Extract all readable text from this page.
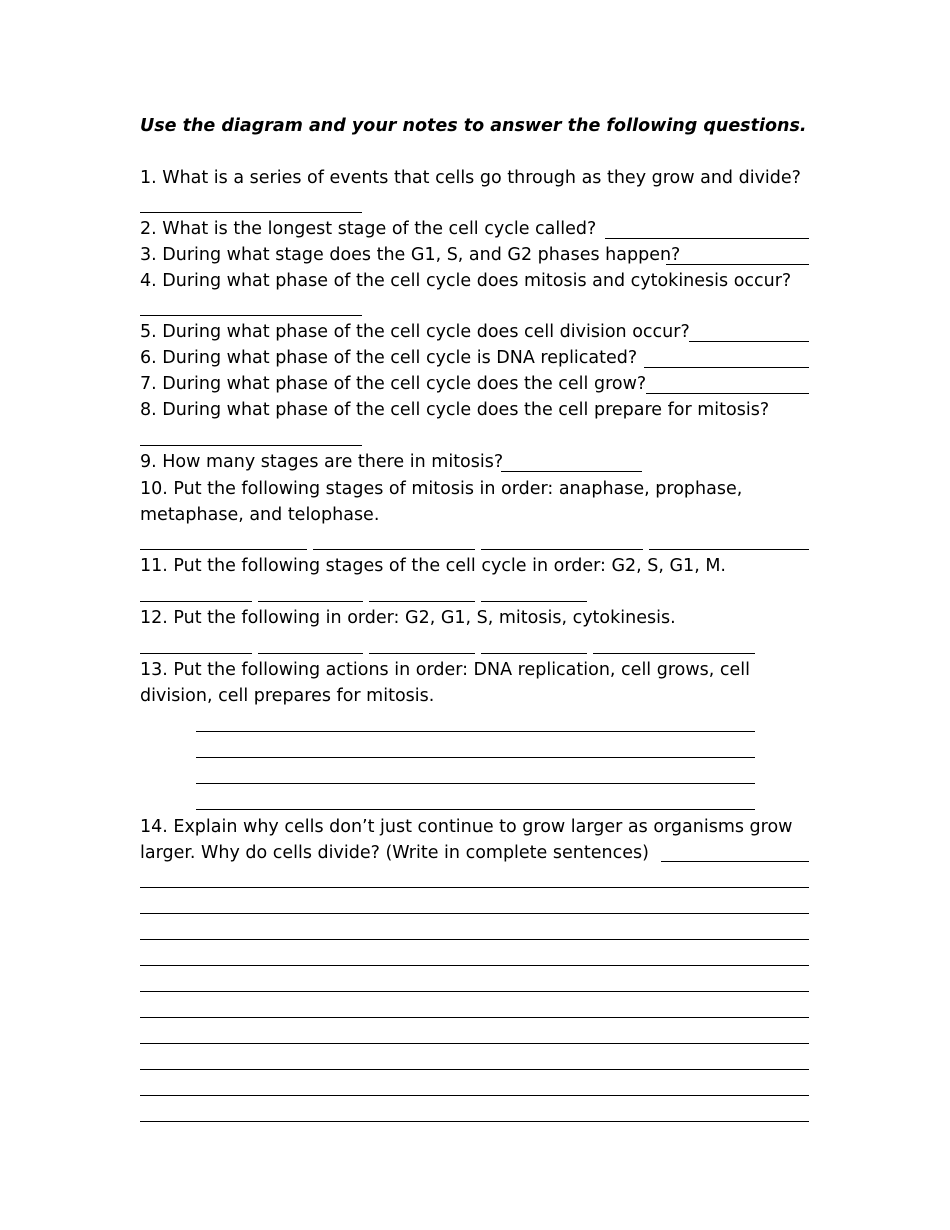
Use the diagram and your notes to answer the following questions.
1. What is a series of events that cells go through as they grow and divide?
2. What is the longest stage of the cell cycle called?
3. During what stage does the G1, S, and G2 phases happen?
4. During what phase of the cell cycle does mitosis and cytokinesis occur?
5. During what phase of the cell cycle does cell division occur?
6. During what phase of the cell cycle is DNA replicated?
7. During what phase of the cell cycle does the cell grow?
8. During what phase of the cell cycle does the cell prepare for mitosis?
9. How many stages are there in mitosis?
10. Put the following stages of mitosis in order: anaphase, prophase,
metaphase, and telophase.
11. Put the following stages of the cell cycle in order: G2, S, G1, M.
12. Put the following in order: G2, G1, S, mitosis, cytokinesis.
13. Put the following actions in order: DNA replication, cell grows, cell
division, cell prepares for mitosis.
14. Explain why cells don’t just continue to grow larger as organisms grow
larger. Why do cells divide? (Write in complete sentences)
